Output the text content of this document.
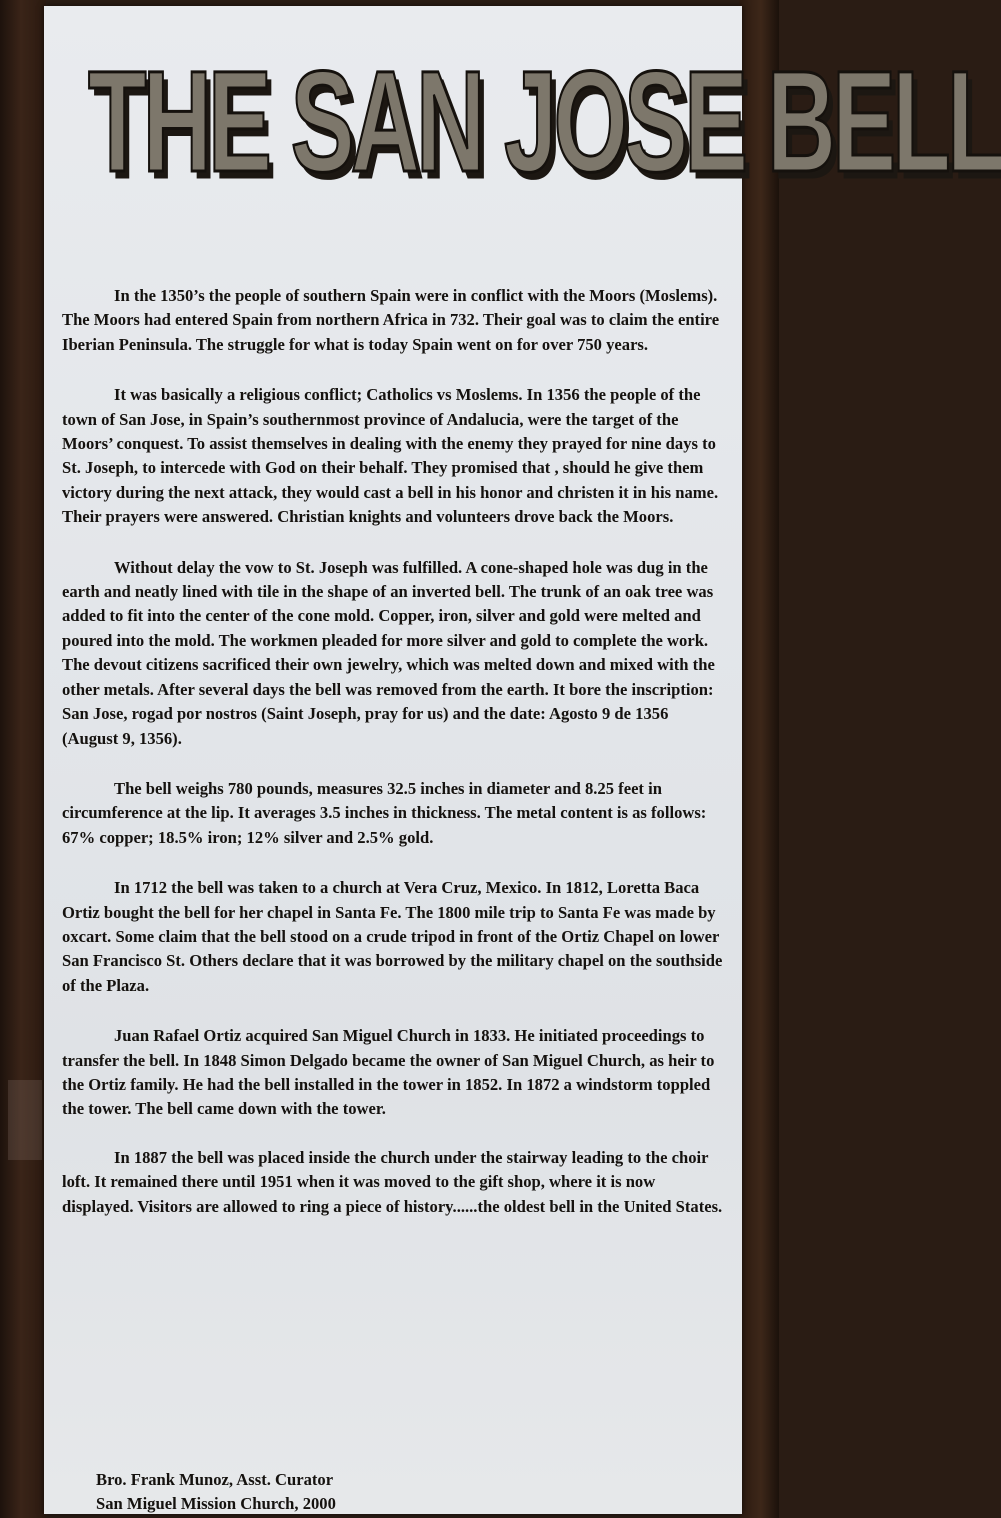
THE SAN JOSE BELL

In the 1350’s the people of southern Spain were in conflict with the Moors (Moslems). The Moors had entered Spain from northern Africa in 732. Their goal was to claim the entire Iberian Peninsula. The struggle for what is today Spain went on for over 750 years.

It was basically a religious conflict; Catholics vs Moslems. In 1356 the people of the town of San Jose, in Spain’s southernmost province of Andalucia, were the target of the Moors’ conquest. To assist themselves in dealing with the enemy they prayed for nine days to St. Joseph, to intercede with God on their behalf. They promised that , should he give them victory during the next attack, they would cast a bell in his honor and christen it in his name. Their prayers were answered. Christian knights and volunteers drove back the Moors.

Without delay the vow to St. Joseph was fulfilled. A cone-shaped hole was dug in the earth and neatly lined with tile in the shape of an inverted bell. The trunk of an oak tree was added to fit into the center of the cone mold. Copper, iron, silver and gold were melted and poured into the mold. The workmen pleaded for more silver and gold to complete the work. The devout citizens sacrificed their own jewelry, which was melted down and mixed with the other metals. After several days the bell was removed from the earth. It bore the inscription: San Jose, rogad por nostros (Saint Joseph, pray for us) and the date: Agosto 9 de 1356 (August 9, 1356).

The bell weighs 780 pounds, measures 32.5 inches in diameter and 8.25 feet in circumference at the lip. It averages 3.5 inches in thickness. The metal content is as follows: 67% copper; 18.5% iron; 12% silver and 2.5% gold.

In 1712 the bell was taken to a church at Vera Cruz, Mexico. In 1812, Loretta Baca Ortiz bought the bell for her chapel in Santa Fe. The 1800 mile trip to Santa Fe was made by oxcart. Some claim that the bell stood on a crude tripod in front of the Ortiz Chapel on lower San Francisco St. Others declare that it was borrowed by the military chapel on the southside of the Plaza.

Juan Rafael Ortiz acquired San Miguel Church in 1833. He initiated proceedings to transfer the bell. In 1848 Simon Delgado became the owner of San Miguel Church, as heir to the Ortiz family. He had the bell installed in the tower in 1852. In 1872 a windstorm toppled the tower. The bell came down with the tower.

In 1887 the bell was placed inside the church under the stairway leading to the choir loft. It remained there until 1951 when it was moved to the gift shop, where it is now displayed. Visitors are allowed to ring a piece of history......the oldest bell in the United States.

Bro. Frank Munoz, Asst. Curator
San Miguel Mission Church, 2000
